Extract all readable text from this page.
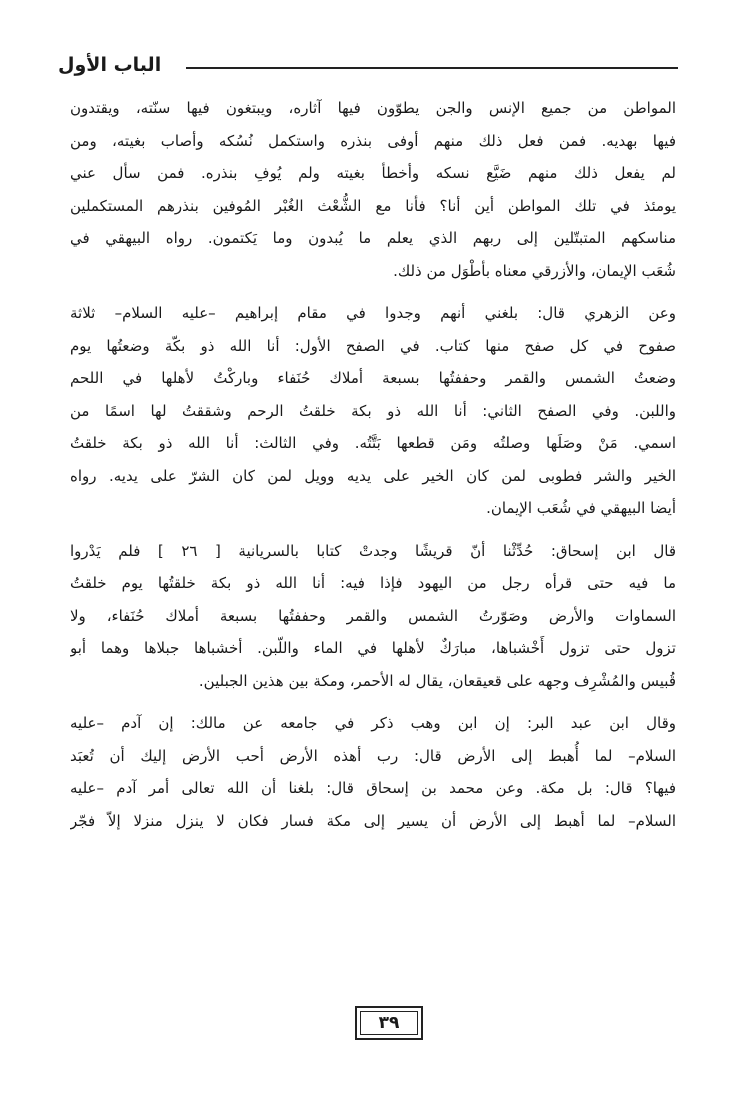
الباب الأول
المواطن من جميع الإنس والجن يطوّون فيها آثاره، ويبتغون فيها سنّته، ويقتدون
فيها بهديه. فمن فعل ذلك منهم أوفى بنذره واستكمل نُسُكه وأصاب بغيته، ومن
لم يفعل ذلك منهم ضَيَّع نسكه وأخطأ بغيته ولم يُوفِ بنذره. فمن سأل عني
يومئذ في تلك المواطن أين أنا؟ فأنا مع الشُّعْث الغُبْر المُوفين بنذرهم المستكملين
مناسكهم المتبتّلين إلى ربهم الذي يعلم ما يُبدون وما يَكتمون. رواه البيهقي في
شُعَب الإيمان، والأزرقي معناه بأطْوَل من ذلك.
وعن الزهري قال: بلغني أنهم وجدوا في مقام إبراهيم –عليه السلام– ثلاثة
صفوح في كل صفح منها كتاب. في الصفح الأول: أنا الله ذو بكّة وضعتُها يوم
وضعتُ الشمس والقمر وحففتُها بسبعة أملاك حُنَفاء وباركْتُ لأهلها في اللحم
واللبن. وفي الصفح الثاني: أنا الله ذو بكة خلقتُ الرحم وشققتُ لها اسمًا من
اسمي. مَنْ وصَلَها وصلتُه ومَن قطعها بَتَّتُه. وفي الثالث: أنا الله ذو بكة خلقتُ
الخير والشر فطوبى لمن كان الخير على يديه وويل لمن كان الشرّ على يديه. رواه
أيضا البيهقي في شُعَب الإيمان.
قال ابن إسحاق: حُدِّثْنا أنّ قريشًا وجدتْ كتابا بالسريانية [ ٢٦ ] فلم يَدْروا
ما فيه حتى قرأه رجل من اليهود فإذا فيه: أنا الله ذو بكة خلقتُها يوم خلقتُ
السماوات والأرض وصَوّرتُ الشمس والقمر وحففتُها بسبعة أملاك حُنَفاء، ولا
تزول حتى تزول أَخْشباها، مبارَكٌ لأهلها في الماء واللّبن. أخشباها جبلاها وهما أبو
قُبيس والمُشْرِف وجهه على قعيقعان، يقال له الأحمر، ومكة بين هذين الجبلين.
وقال ابن عبد البر: إن ابن وهب ذكر في جامعه عن مالك: إن آدم –عليه
السلام– لما أُهبط إلى الأرض قال: رب أهذه الأرض أحب الأرض إليك أن تُعبَد
فيها؟ قال: بل مكة. وعن محمد بن إسحاق قال: بلغنا أن الله تعالى أمر آدم –عليه
السلام– لما أهبط إلى الأرض أن يسير إلى مكة فسار فكان لا ينزل منزلا إلاّ فجّر
٣٩
